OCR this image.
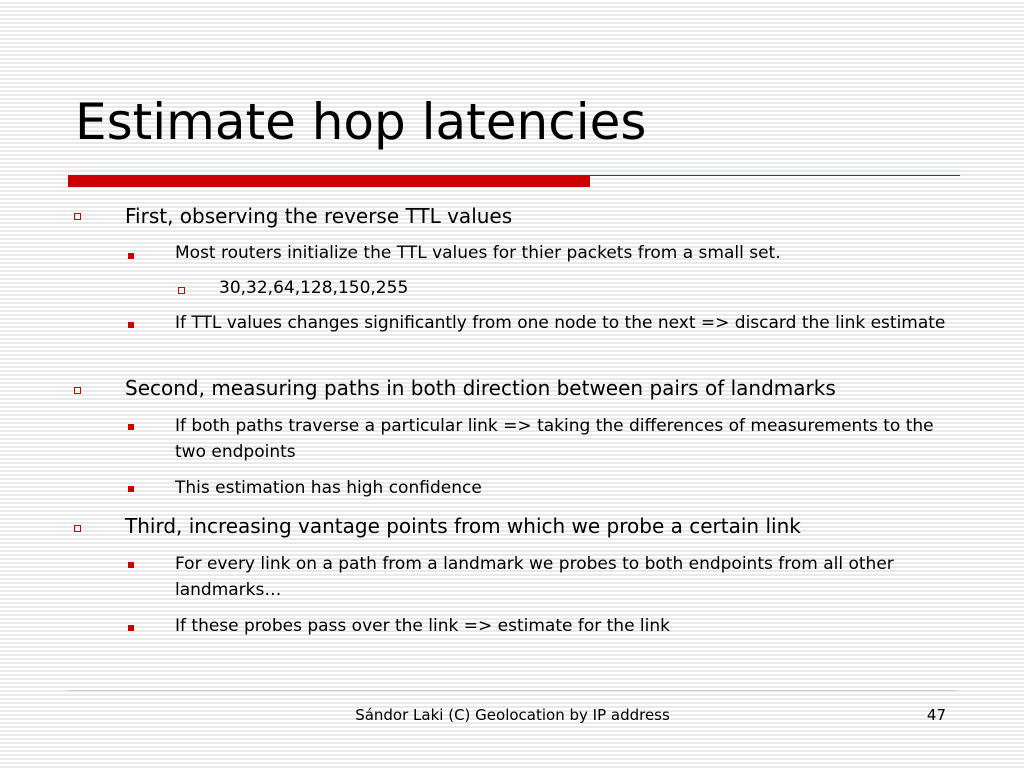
Estimate hop latencies
First, observing the reverse TTL values
Most routers initialize the TTL values for thier packets from a small set.
30,32,64,128,150,255
If TTL values changes significantly from one node to the next => discard the link estimate
Second, measuring paths in both direction between pairs of landmarks
If both paths traverse a particular link => taking the differences of measurements to the two endpoints
This estimation has high confidence
Third, increasing vantage points from which we probe a certain link
For every link on a path from a landmark we probes to both endpoints from all other landmarks…
If these probes pass over the link => estimate for the link
Sándor Laki (C) Geolocation by IP address	47
